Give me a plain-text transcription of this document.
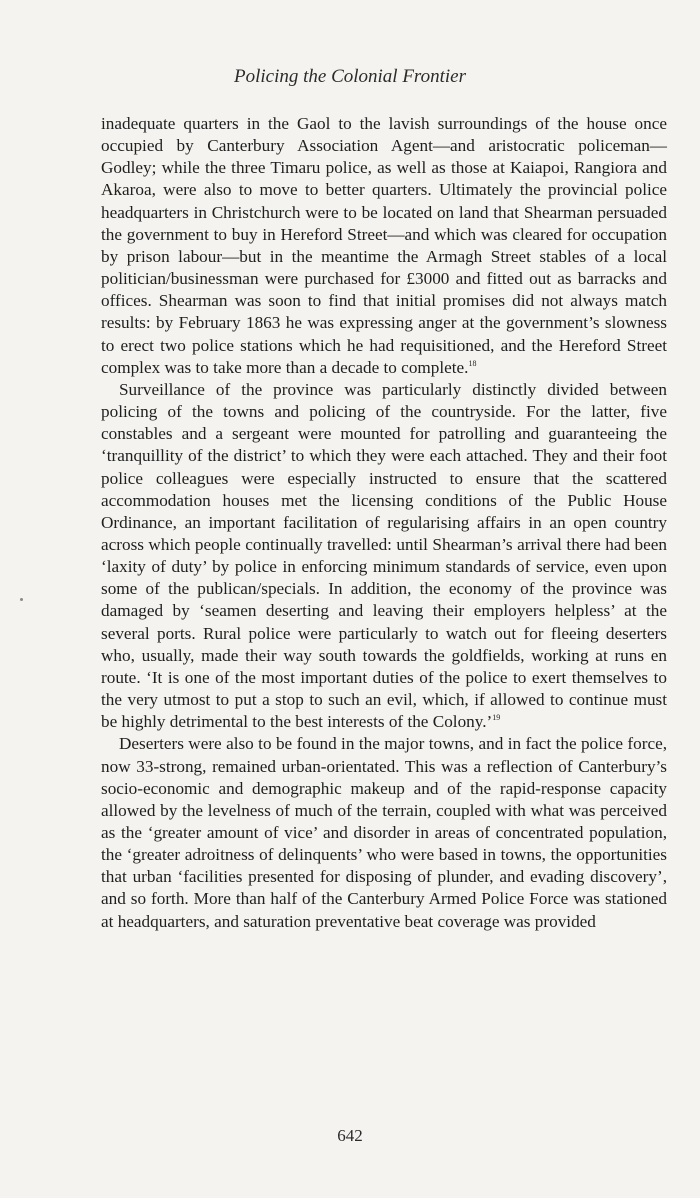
Policing the Colonial Frontier

inadequate quarters in the Gaol to the lavish surroundings of the house once occupied by Canterbury Association Agent—and aristocratic policeman—Godley; while the three Timaru police, as well as those at Kaiapoi, Rangiora and Akaroa, were also to move to better quarters. Ultimately the provincial police headquarters in Christchurch were to be located on land that Shearman persuaded the government to buy in Hereford Street—and which was cleared for occupation by prison labour—but in the meantime the Armagh Street stables of a local politician/businessman were purchased for £3000 and fitted out as barracks and offices. Shearman was soon to find that initial promises did not always match results: by February 1863 he was expressing anger at the government’s slowness to erect two police stations which he had requisitioned, and the Hereford Street complex was to take more than a decade to complete.$^{18}$

Surveillance of the province was particularly distinctly divided between policing of the towns and policing of the countryside. For the latter, five constables and a sergeant were mounted for patrolling and guaranteeing the ‘tranquillity of the district’ to which they were each attached. They and their foot police colleagues were especially instructed to ensure that the scattered accommodation houses met the licensing conditions of the Public House Ordinance, an important facilitation of regularising affairs in an open country across which people continually travelled: until Shearman’s arrival there had been ‘laxity of duty’ by police in enforcing minimum standards of service, even upon some of the publican/specials. In addition, the economy of the province was damaged by ‘seamen deserting and leaving their employers helpless’ at the several ports. Rural police were particularly to watch out for fleeing deserters who, usually, made their way south towards the goldfields, working at runs en route. ‘It is one of the most important duties of the police to exert themselves to the very utmost to put a stop to such an evil, which, if allowed to continue must be highly detrimental to the best interests of the Colony.’$^{19}$

Deserters were also to be found in the major towns, and in fact the police force, now 33-strong, remained urban-orientated. This was a reflection of Canterbury’s socio-economic and demographic makeup and of the rapid-response capacity allowed by the levelness of much of the terrain, coupled with what was perceived as the ‘greater amount of vice’ and disorder in areas of concentrated population, the ‘greater adroitness of delinquents’ who were based in towns, the opportunities that urban ‘facilities presented for disposing of plunder, and evading discovery’, and so forth. More than half of the Canterbury Armed Police Force was stationed at headquarters, and saturation preventative beat coverage was provided

642
